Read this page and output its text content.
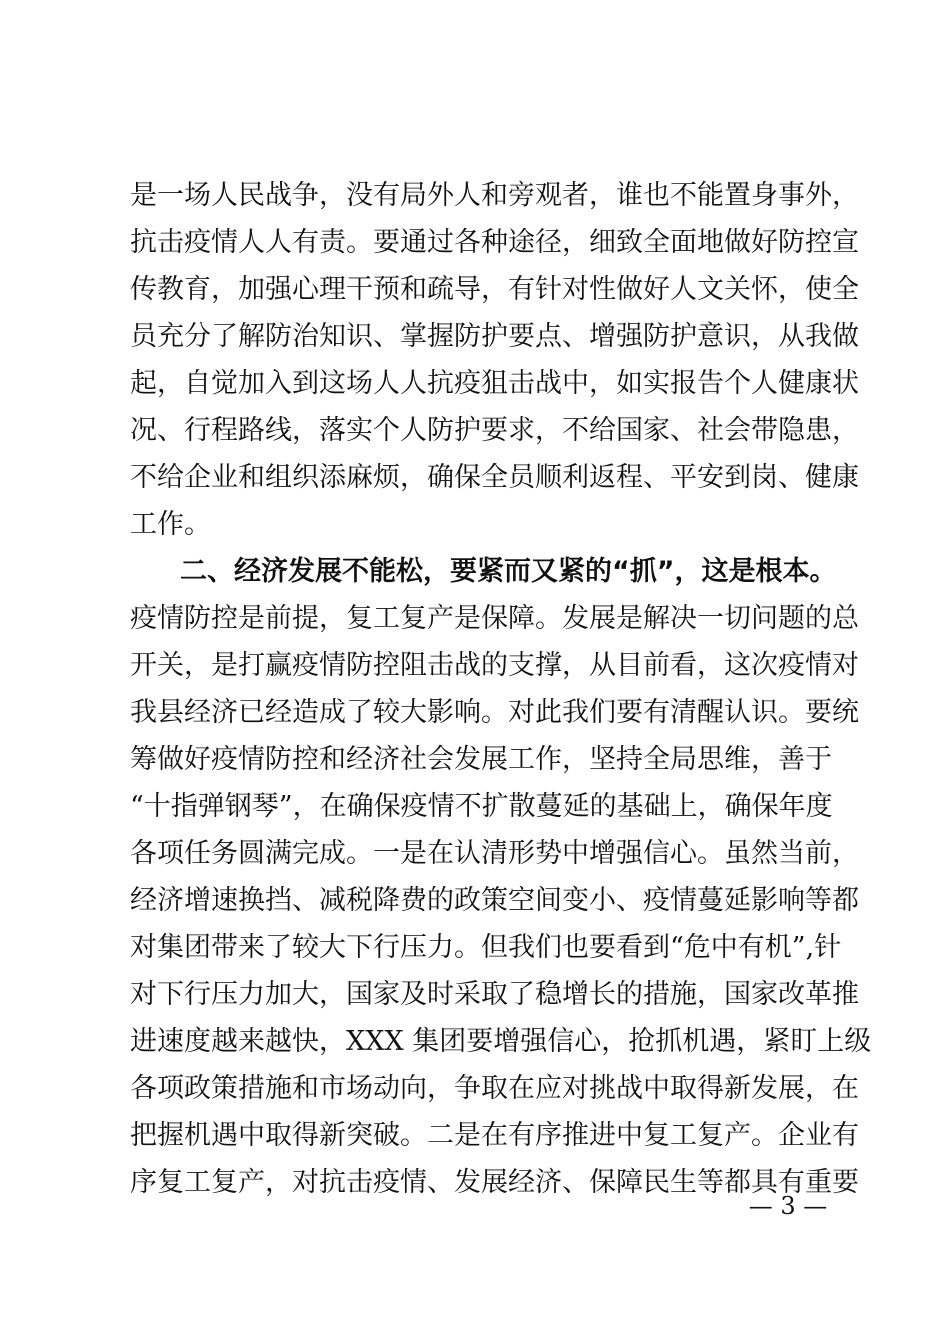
是一场人民战争，没有局外人和旁观者，谁也不能置身事外，
抗击疫情人人有责。要通过各种途径，细致全面地做好防控宣
传教育，加强心理干预和疏导，有针对性做好人文关怀，使全
员充分了解防治知识、掌握防护要点、增强防护意识，从我做
起，自觉加入到这场人人抗疫狙击战中，如实报告个人健康状
况、行程路线，落实个人防护要求，不给国家、社会带隐患，
不给企业和组织添麻烦，确保全员顺利返程、平安到岗、健康
工作。
二、经济发展不能松，要紧而又紧的“抓”，这是根本。
疫情防控是前提，复工复产是保障。发展是解决一切问题的总
开关，是打赢疫情防控阻击战的支撑，从目前看，这次疫情对
我县经济已经造成了较大影响。对此我们要有清醒认识。要统
筹做好疫情防控和经济社会发展工作，坚持全局思维，善于
“十指弹钢琴”，在确保疫情不扩散蔓延的基础上，确保年度
各项任务圆满完成。一是在认清形势中增强信心。虽然当前，
经济增速换挡、减税降费的政策空间变小、疫情蔓延影响等都
对集团带来了较大下行压力。但我们也要看到“危中有机”,针
对下行压力加大，国家及时采取了稳增长的措施，国家改革推
进速度越来越快，XXX 集团要增强信心，抢抓机遇，紧盯上级
各项政策措施和市场动向，争取在应对挑战中取得新发展，在
把握机遇中取得新突破。二是在有序推进中复工复产。企业有
序复工复产，对抗击疫情、发展经济、保障民生等都具有重要
— 3 —
